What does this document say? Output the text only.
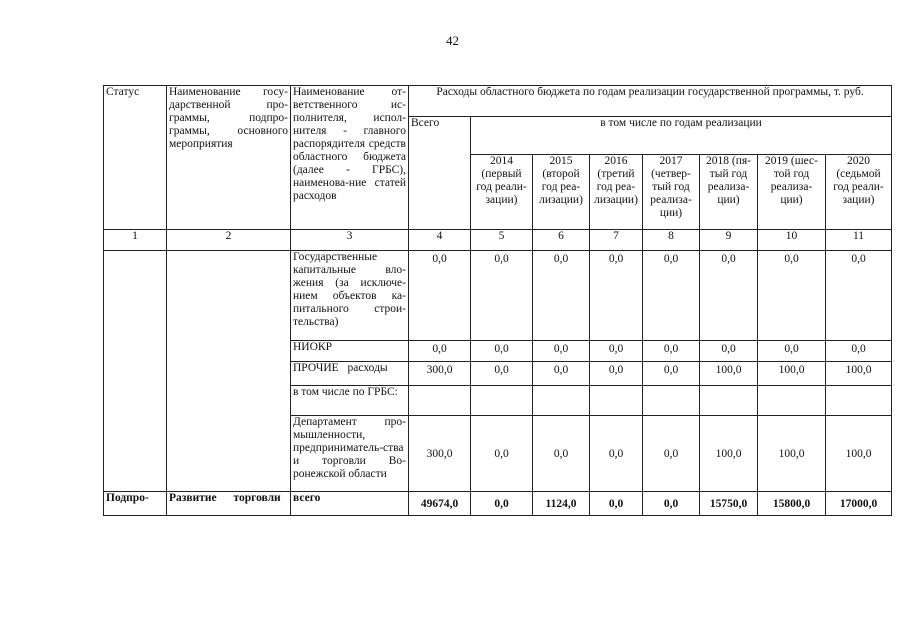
42
Статус	Наименование госу-дарственной про-граммы, подпро-граммы, основного мероприятия	Наименование от-ветственного ис-полнителя, испол-нителя - главного распорядителя средств областного бюджета (далее - ГРБС), наименова-ние статей расходов	Расходы областного бюджета по годам реализации государственной программы, т. руб.							
			Всего	в том числе по годам реализации						
				2014 (первый год реали-зации)	2015 (второй год реа-лизации)	2016 (третий год реа-лизации)	2017 (четвер-тый год реализа-ции)	2018 (пя-тый год реализа-ции)	2019 (шес-той год реализа-ции)	2020 (седьмой год реали-зации)
1	2	3	4	5	6	7	8	9	10	11
		Государственные капитальные вло-жения (за исключе-нием объектов ка-питального строи-тельства)	0,0	0,0	0,0	0,0	0,0	0,0	0,0	0,0
		НИОКР	0,0	0,0	0,0	0,0	0,0	0,0	0,0	0,0
		ПРОЧИЕ расходы	300,0	0,0	0,0	0,0	0,0	100,0	100,0	100,0
		в том числе по ГРБС:								
		Департамент про-мышленности, предприниматель-ства и торговли Во-ронежской области	300,0	0,0	0,0	0,0	0,0	100,0	100,0	100,0
Подпро-	Развитие торговли	всего	49674,0	0,0	1124,0	0,0	0,0	15750,0	15800,0	17000,0
